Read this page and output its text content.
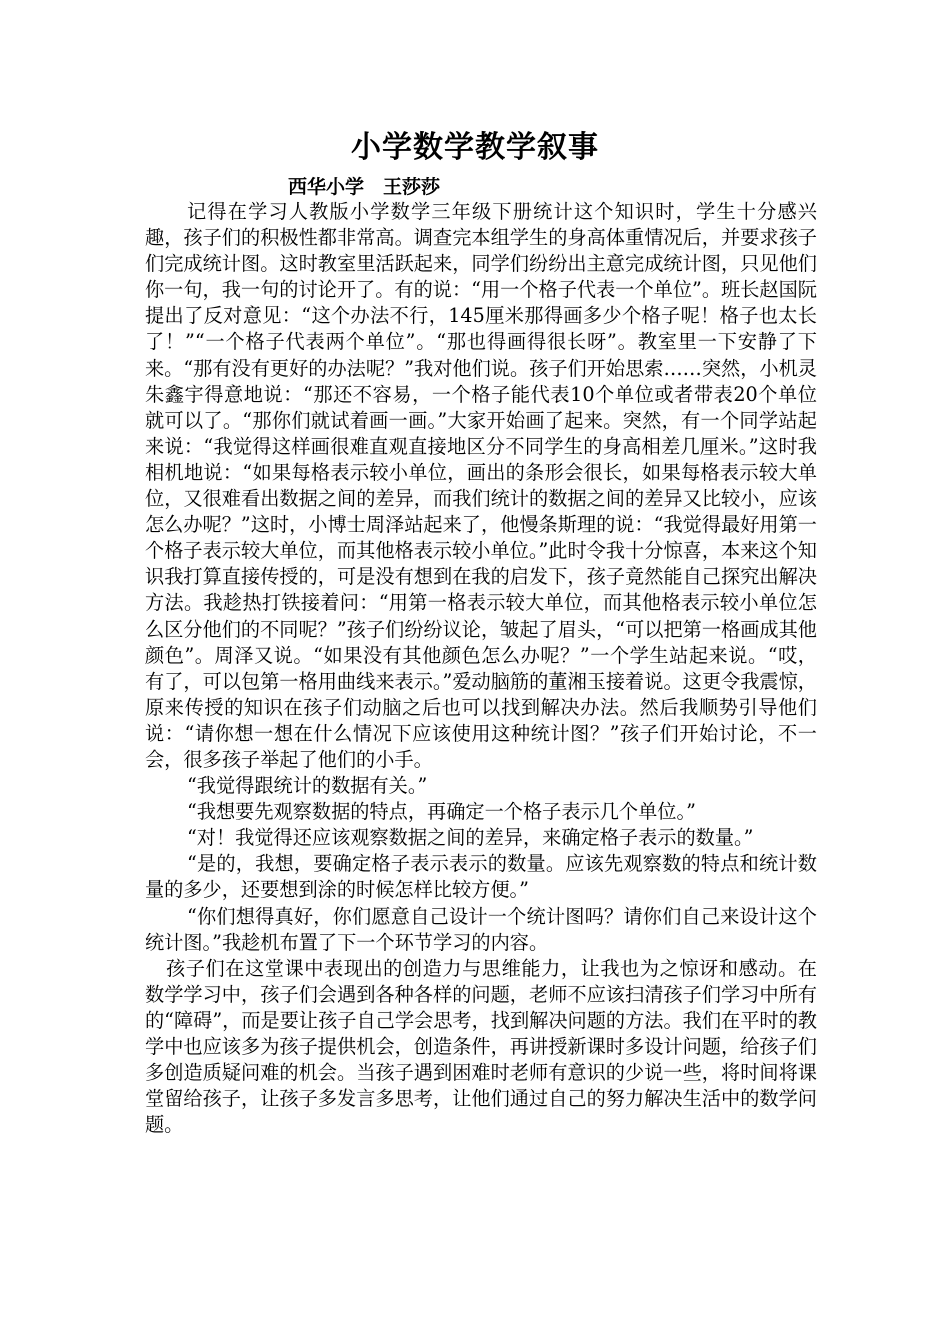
小学数学教学叙事
西华小学　王莎莎

记得在学习人教版小学数学三年级下册统计这个知识时，学生十分感兴趣，孩子们的积极性都非常高。调查完本组学生的身高体重情况后，并要求孩子们完成统计图。这时教室里活跃起来，同学们纷纷出主意完成统计图，只见他们你一句，我一句的讨论开了。有的说：“用一个格子代表一个单位”。班长赵国阮提出了反对意见：“这个办法不行，145厘米那得画多少个格子呢！格子也太长了！”“一个格子代表两个单位”。“那也得画得很长呀”。教室里一下安静了下来。“那有没有更好的办法呢？”我对他们说。孩子们开始思索……突然，小机灵朱鑫宇得意地说：“那还不容易，一个格子能代表10个单位或者带表20个单位就可以了。“那你们就试着画一画。”大家开始画了起来。突然，有一个同学站起来说：“我觉得这样画很难直观直接地区分不同学生的身高相差几厘米。”这时我相机地说：“如果每格表示较小单位，画出的条形会很长，如果每格表示较大单位，又很难看出数据之间的差异，而我们统计的数据之间的差异又比较小，应该怎么办呢？”这时，小博士周泽站起来了，他慢条斯理的说：“我觉得最好用第一个格子表示较大单位，而其他格表示较小单位。”此时令我十分惊喜，本来这个知识我打算直接传授的，可是没有想到在我的启发下，孩子竟然能自己探究出解决方法。我趁热打铁接着问：“用第一格表示较大单位，而其他格表示较小单位怎么区分他们的不同呢？”孩子们纷纷议论，皱起了眉头，“可以把第一格画成其他颜色”。周泽又说。“如果没有其他颜色怎么办呢？”一个学生站起来说。“哎，有了，可以包第一格用曲线来表示。”爱动脑筋的董湘玉接着说。这更令我震惊，原来传授的知识在孩子们动脑之后也可以找到解决办法。然后我顺势引导他们说：“请你想一想在什么情况下应该使用这种统计图？”孩子们开始讨论，不一会，很多孩子举起了他们的小手。

“我觉得跟统计的数据有关。”

“我想要先观察数据的特点，再确定一个格子表示几个单位。”

“对！我觉得还应该观察数据之间的差异，来确定格子表示的数量。”

“是的，我想，要确定格子表示表示的数量。应该先观察数的特点和统计数量的多少，还要想到涂的时候怎样比较方便。”

“你们想得真好，你们愿意自己设计一个统计图吗？请你们自己来设计这个统计图。”我趁机布置了下一个环节学习的内容。

孩子们在这堂课中表现出的创造力与思维能力，让我也为之惊讶和感动。在数学学习中，孩子们会遇到各种各样的问题，老师不应该扫清孩子们学习中所有的“障碍”，而是要让孩子自己学会思考，找到解决问题的方法。我们在平时的教学中也应该多为孩子提供机会，创造条件，再讲授新课时多设计问题，给孩子们多创造质疑问难的机会。当孩子遇到困难时老师有意识的少说一些，将时间将课堂留给孩子，让孩子多发言多思考，让他们通过自己的努力解决生活中的数学问题。
